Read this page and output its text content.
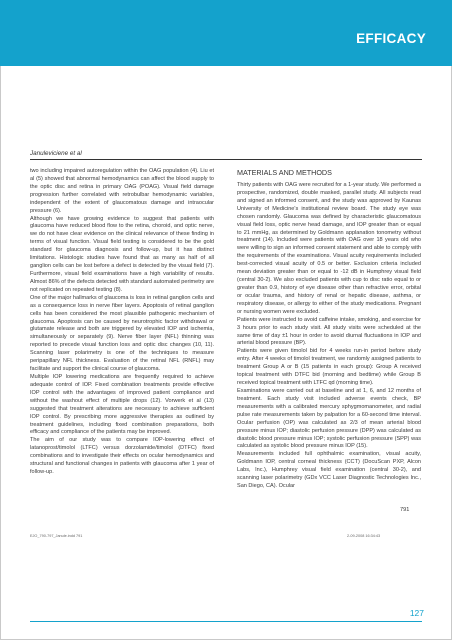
EFFICACY
Januleviciene et al

two including impaired autoregulation within the OAG population (4). Liu et al (5) showed that abnormal hemodynamics can affect the blood supply to the optic disc and retina in primary OAG (POAG). Visual field damage progression further correlated with retrobulbar hemodynamic variables, independent of the extent of glaucomatous damage and intraocular pressure (6).

Although we have growing evidence to suggest that patients with glaucoma have reduced blood flow to the retina, choroid, and optic nerve, we do not have clear evidence on the clinical relevance of these finding in terms of visual function. Visual field testing is considered to be the gold standard for glaucoma diagnosis and follow-up, but it has distinct limitations. Histologic studies have found that as many as half of all ganglion cells can be lost before a defect is detected by the visual field (7). Furthermore, visual field examinations have a high variability of results. Almost 86% of the defects detected with standard automated perimetry are not replicated on repeated testing (8).

One of the major hallmarks of glaucoma is loss in retinal ganglion cells and as a consequence loss in nerve fiber layers. Apoptosis of retinal ganglion cells has been considered the most plausible pathogenic mechanism of glaucoma. Apoptosis can be caused by neurotrophic factor withdrawal or glutamate release and both are triggered by elevated IOP and ischemia, simultaneously or separately (9). Nerve fiber layer (NFL) thinning was reported to precede visual function loss and optic disc changes (10, 11). Scanning laser polarimetry is one of the techniques to measure peripapillary NFL thickness. Evaluation of the retinal NFL (RNFL) may facilitate and support the clinical course of glaucoma.

Multiple IOP lowering medications are frequently required to achieve adequate control of IOP. Fixed combination treatments provide effective IOP control with the advantages of improved patient compliance and without the washout effect of multiple drops (12). Vorwerk et al (13) suggested that treatment alterations are necessary to achieve sufficient IOP control. By prescribing more aggressive therapies as outlined by treatment guidelines, including fixed combination preparations, both efficacy and compliance of the patients may be improved.

The aim of our study was to compare IOP-lowering effect of latanoprost/timolol (LTFC) versus dorzolamide/timolol (DTFC) fixed combinations and to investigate their effects on ocular hemodynamics and structural and functional changes in patients with glaucoma after 1 year of follow-up.

MATERIALS AND METHODS

Thirty patients with OAG were recruited for a 1-year study. We performed a prospective, randomized, double masked, parallel study. All subjects read and signed an informed consent, and the study was approved by Kaunas University of Medicine's institutional review board. The study eye was chosen randomly. Glaucoma was defined by characteristic glaucomatous visual field loss, optic nerve head damage, and IOP greater than or equal to 21 mmHg, as determined by Goldmann applanation tonometry without treatment (14). Included were patients with OAG over 18 years old who were willing to sign an informed consent statement and able to comply with the requirements of the examinations. Visual acuity requirements included best-corrected visual acuity of 0.5 or better. Exclusion criteria included mean deviation greater than or equal to -12 dB in Humphrey visual field (central 30-2). We also excluded patients with cup to disc ratio equal to or greater than 0.9, history of eye disease other than refractive error, orbital or ocular trauma, and history of renal or hepatic disease, asthma, or respiratory disease, or allergy to either of the study medications. Pregnant or nursing women were excluded.

Patients were instructed to avoid caffeine intake, smoking, and exercise for 3 hours prior to each study visit. All study visits were scheduled at the same time of day ±1 hour in order to avoid diurnal fluctuations in IOP and arterial blood pressure (BP).

Patients were given timolol bid for 4 weeks run-in period before study entry. After 4 weeks of timolol treatment, we randomly assigned patients to treatment Group A or B (15 patients in each group): Group A received topical treatment with DTFC bid (morning and bedtime) while Group B received topical treatment with LTFC qd (morning time).

Examinations were carried out at baseline and at 1, 6, and 12 months of treatment. Each study visit included adverse events check, BP measurements with a calibrated mercury sphygmomanometer, and radial pulse rate measurements taken by palpation for a 60-second time interval. Ocular perfusion (OP) was calculated as 2/3 of mean arterial blood pressure minus IOP; diastolic perfusion pressure (DPP) was calculated as diastolic blood pressure minus IOP; systolic perfusion pressure (SPP) was calculated as systolic blood pressure minus IOP (15).

Measurements included full ophthalmic examination, visual acuity, Goldmann IOP, central corneal thickness (CCT) (DocuScan PXP, Alcon Labs, Inc.), Humphrey visual field examination (central 30-2), and scanning laser polarimetry (GDx VCC Laser Diagnostic Technologies Inc., San Diego, CA). Ocular

791
EJO_790-797_Janule.indd 791	2-09-2008 16:34:43
127
